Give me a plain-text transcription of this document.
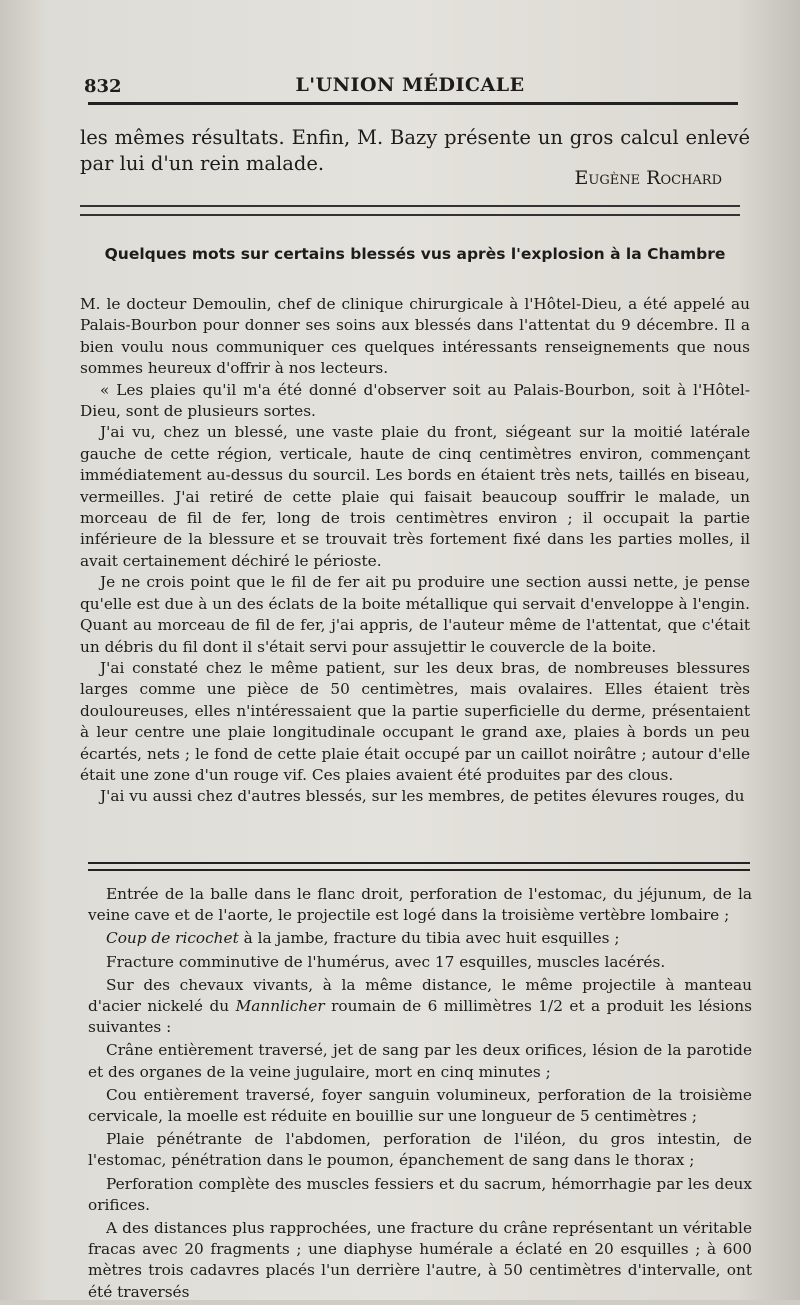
832	L'UNION MÉDICALE
les mêmes résultats. Enfin, M. Bazy présente un gros calcul enlevé par lui d'un rein malade.
Eugène Rochard
Quelques mots sur certains blessés vus après l'explosion à la Chambre

M. le docteur Demoulin, chef de clinique chirurgicale à l'Hôtel-Dieu, a été appelé au Palais-Bourbon pour donner ses soins aux blessés dans l'attentat du 9 décembre. Il a bien voulu nous communiquer ces quelques intéressants renseignements que nous sommes heureux d'offrir à nos lecteurs.

« Les plaies qu'il m'a été donné d'observer soit au Palais-Bourbon, soit à l'Hôtel-Dieu, sont de plusieurs sortes.

J'ai vu, chez un blessé, une vaste plaie du front, siégeant sur la moitié latérale gauche de cette région, verticale, haute de cinq centimètres environ, commençant immédiatement au-dessus du sourcil. Les bords en étaient très nets, taillés en biseau, vermeilles. J'ai retiré de cette plaie qui faisait beaucoup souffrir le malade, un morceau de fil de fer, long de trois centimètres environ ; il occupait la partie inférieure de la blessure et se trouvait très fortement fixé dans les parties molles, il avait certainement déchiré le périoste.

Je ne crois point que le fil de fer ait pu produire une section aussi nette, je pense qu'elle est due à un des éclats de la boite métallique qui servait d'enveloppe à l'engin. Quant au morceau de fil de fer, j'ai appris, de l'auteur même de l'attentat, que c'était un débris du fil dont il s'était servi pour assujettir le couvercle de la boite.

J'ai constaté chez le même patient, sur les deux bras, de nombreuses blessures larges comme une pièce de 50 centimètres, mais ovalaires. Elles étaient très douloureuses, elles n'intéressaient que la partie superficielle du derme, présentaient à leur centre une plaie longitudinale occupant le grand axe, plaies à bords un peu écartés, nets ; le fond de cette plaie était occupé par un caillot noirâtre ; autour d'elle était une zone d'un rouge vif. Ces plaies avaient été produites par des clous.

J'ai vu aussi chez d'autres blessés, sur les membres, de petites élevures rouges, du

Entrée de la balle dans le flanc droit, perforation de l'estomac, du jéjunum, de la veine cave et de l'aorte, le projectile est logé dans la troisième vertèbre lombaire ;

Coup de ricochet à la jambe, fracture du tibia avec huit esquilles ;

Fracture comminutive de l'humérus, avec 17 esquilles, muscles lacérés.

Sur des chevaux vivants, à la même distance, le même projectile à manteau d'acier nickelé du Mannlicher roumain de 6 millimètres 1/2 et a produit les lésions suivantes :

Crâne entièrement traversé, jet de sang par les deux orifices, lésion de la parotide et des organes de la veine jugulaire, mort en cinq minutes ;

Cou entièrement traversé, foyer sanguin volumineux, perforation de la troisième cervicale, la moelle est réduite en bouillie sur une longueur de 5 centimètres ;

Plaie pénétrante de l'abdomen, perforation de l'iléon, du gros intestin, de l'estomac, pénétration dans le poumon, épanchement de sang dans le thorax ;

Perforation complète des muscles fessiers et du sacrum, hémorrhagie par les deux orifices.

A des distances plus rapprochées, une fracture du crâne représentant un véritable fracas avec 20 fragments ; une diaphyse humérale a éclaté en 20 esquilles ; à 600 mètres trois cadavres placés l'un derrière l'autre, à 50 centimètres d'intervalle, ont été traversés
